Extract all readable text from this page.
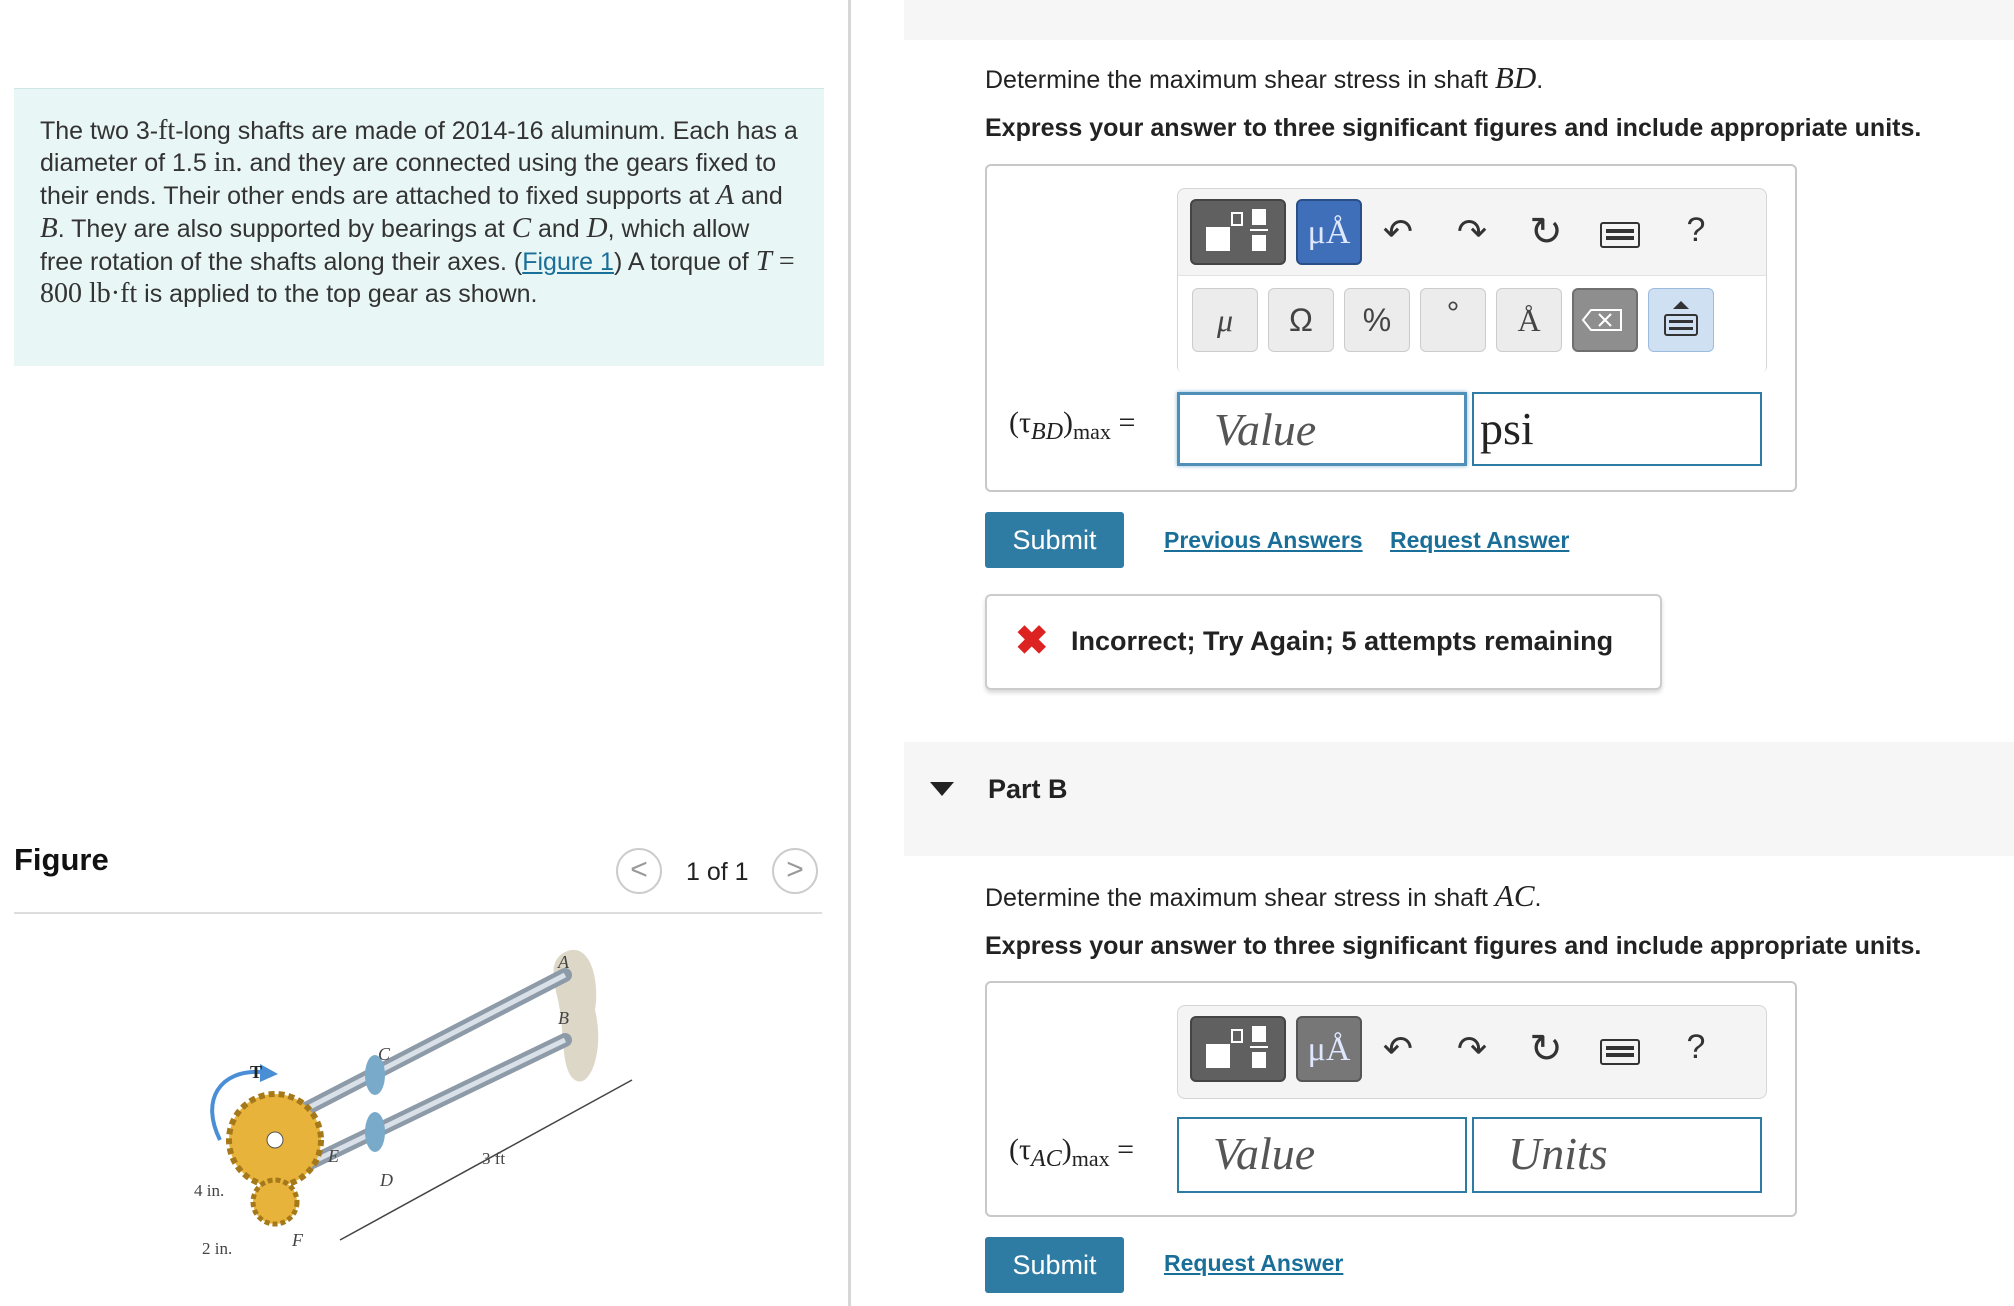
The two 3-ft-long shafts are made of 2014-16 aluminum. Each has a diameter of 1.5 in. and they are connected using the gears fixed to their ends. Their other ends are attached to fixed supports at A and B. They are also supported by bearings at C and D, which allow free rotation of the shafts along their axes. (Figure 1) A torque of T = 800 lb·ft is applied to the top gear as shown.
Figure	<	1 of 1	>
A
B
C
D
E
F
T
3 ft
4 in.
2 in.
Determine the maximum shear stress in shaft BD.
Express your answer to three significant figures and include appropriate units.
μÅ ↶ ↷ ↻	?
μ	Ω	%	°	Å
$(\tau_{BD})_{max}$ =	Value	psi
Submit	Previous Answers Request Answer
✖ Incorrect; Try Again; 5 attempts remaining
Part B
Determine the maximum shear stress in shaft AC.
Express your answer to three significant figures and include appropriate units.
μÅ ↶ ↷ ↻	?
$(\tau_{AC})_{max}$ =	Value	Units
Submit	Request Answer
